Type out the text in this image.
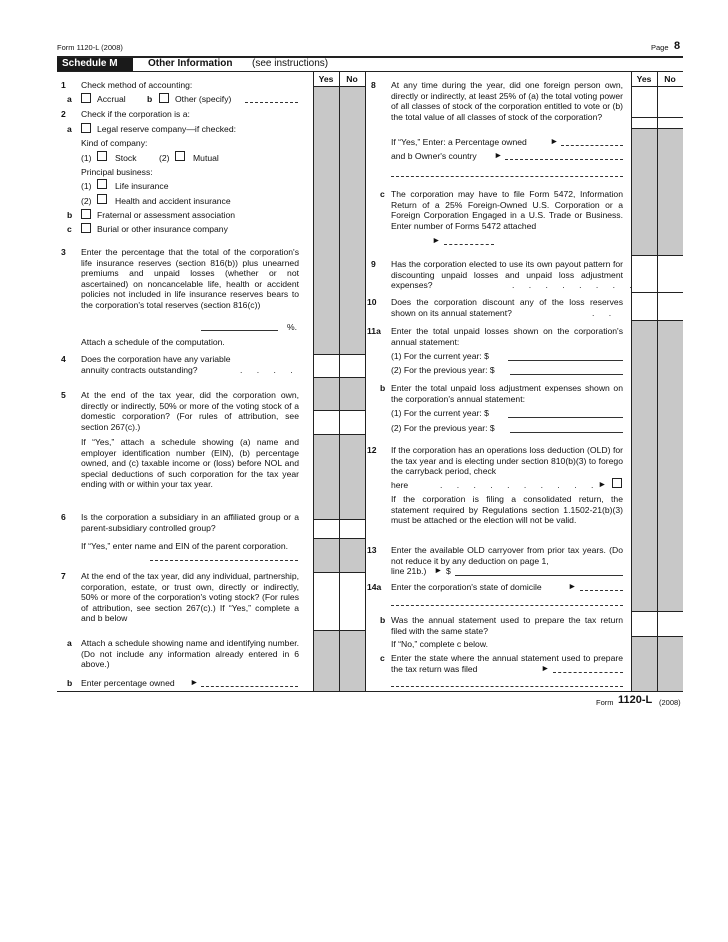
Form 1120-L (2008)	Page 8
Schedule M	Other Information (see instructions)
Yes	No	Yes	No
1 Check method of accounting:
a	Accrual b	Other (specify)
2 Check if the corporation is a:
a	Legal reserve company—if checked:
Kind of company:
(1)	Stock	(2)	Mutual
Principal business:
(1)	Life insurance
(2)	Health and accident insurance
b	Fraternal or assessment association
c	Burial or other insurance company
3 Enter the percentage that the total of the corporation's life insurance reserves (section 816(b)) plus unearned premiums and unpaid losses (whether or not ascertained) on noncancelable life, health or accident policies not included in life insurance reserves bears to the corporation's total reserves (section 816(c))
%.
Attach a schedule of the computation.
4 Does the corporation have any variable
annuity contracts outstanding?	. . . .
5 At the end of the tax year, did the corporation own, directly or indirectly, 50% or more of the voting stock of a domestic corporation? (For rules of attribution, see section 267(c).)
If “Yes,” attach a schedule showing (a) name and employer identification number (EIN), (b) percentage owned, and (c) taxable income or (loss) before NOL and special deductions of such corporation for the tax year ending with or within your tax year.
6 Is the corporation a subsidiary in an affiliated group or a parent-subsidiary controlled group?
If “Yes,” enter name and EIN of the parent corporation.
7 At the end of the tax year, did any individual, partnership, corporation, estate, or trust own, directly or indirectly, 50% or more of the corporation's voting stock? (For rules of attribution, see section 267(c).) If “Yes,” complete a and b below
a Attach a schedule showing name and identifying number. (Do not include any information already entered in 6 above.)
b Enter percentage owned ►
8 At any time during the year, did one foreign person own, directly or indirectly, at least 25% of (a) the total voting power of all classes of stock of the corporation entitled to vote or (b) the total value of all classes of stock of the corporation?
If “Yes,” Enter: a Percentage owned	►
and b Owner's country ►
c The corporation may have to file Form 5472, Information Return of a 25% Foreign-Owned U.S. Corporation or a Foreign Corporation Engaged in a U.S. Trade or Business. Enter number of Forms 5472 attached
►
9 Has the corporation elected to use its own payout pattern for discounting unpaid losses and unpaid loss adjustment expenses?	. . . . . . . .
10 Does the corporation discount any of the loss reserves shown on its annual statement?	. .
11a Enter the total unpaid losses shown on the corporation's annual statement:
(1) For the current year: $
(2) For the previous year: $
b Enter the total unpaid loss adjustment expenses shown on the corporation's annual statement:
(1) For the current year: $
(2) For the previous year: $
12 If the corporation has an operations loss deduction (OLD) for the tax year and is electing under section 810(b)(3) to forego the carryback period, check
here	. . . . . . . . . .
►
If the corporation is filing a consolidated return, the statement required by Regulations section 1.1502-21(b)(3) must be attached or the election will not be valid.
13 Enter the available OLD carryover from prior tax years. (Do not reduce it by any deduction on page 1,
line 21b.) ► $
14a Enter the corporation's state of domicile	►
b Was the annual statement used to prepare the tax return filed with the same state?
If “No,” complete c below.
c Enter the state where the annual statement used to prepare the tax return was filed	►
Form 1120-L (2008)
